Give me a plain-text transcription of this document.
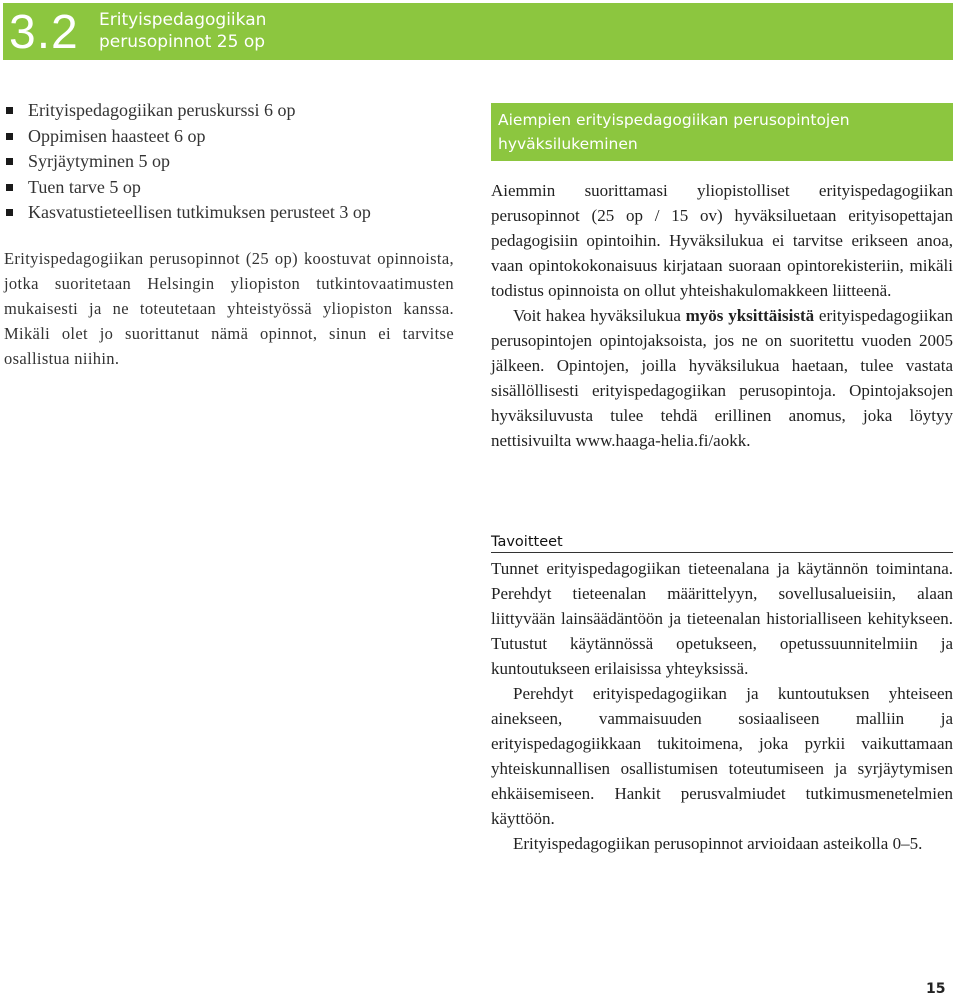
3.2 Erityispedagogiikan
perusopinnot 25 op
Erityispedagogiikan peruskurssi 6 op
Oppimisen haasteet 6 op
Syrjäytyminen 5 op
Tuen tarve 5 op
Kasvatustieteellisen tutkimuksen perusteet 3 op

Erityispedagogiikan perusopinnot (25 op) koostuvat opinnoista, jotka suoritetaan Helsingin yliopiston tutkintovaatimusten mukaisesti ja ne toteutetaan yhteistyössä yliopiston kanssa. Mikäli olet jo suorittanut nämä opinnot, sinun ei tarvitse osallistua niihin.

Aiempien erityispedagogiikan perusopintojen
hyväksilukeminen

Aiemmin suorittamasi yliopistolliset erityispedagogiikan perusopinnot (25 op / 15 ov) hyväksiluetaan erityisopettajan pedagogisiin opintoihin. Hyväksilukua ei tarvitse erikseen anoa, vaan opintokokonaisuus kirjataan suoraan opintorekisteriin, mikäli todistus opinnoista on ollut yhteishakulomakkeen liitteenä.

Voit hakea hyväksilukua myös yksittäisistä erityispedagogiikan perusopintojen opintojaksoista, jos ne on suoritettu vuoden 2005 jälkeen. Opintojen, joilla hyväksilukua haetaan, tulee vastata sisällöllisesti erityispedagogiikan perusopintoja. Opintojaksojen hyväksiluvusta tulee tehdä erillinen anomus, joka löytyy nettisivuilta www.haaga-helia.fi/aokk.

Tavoitteet

Tunnet erityispedagogiikan tieteenalana ja käytännön toimintana. Perehdyt tieteenalan määrittelyyn, sovellusalueisiin, alaan liittyvään lainsäädäntöön ja tieteenalan historialliseen kehitykseen. Tutustut käytännössä opetukseen, opetussuunnitelmiin ja kuntoutukseen erilaisissa yhteyksissä.

Perehdyt erityispedagogiikan ja kuntoutuksen yhteiseen ainekseen, vammaisuuden sosiaaliseen malliin ja erityispedagogiikkaan tukitoimena, joka pyrkii vaikuttamaan yhteiskunnallisen osallistumisen toteutumiseen ja syrjäytymisen ehkäisemiseen. Hankit perusvalmiudet tutkimusmenetelmien käyttöön.

Erityispedagogiikan perusopinnot arvioidaan asteikolla 0–5.

15
